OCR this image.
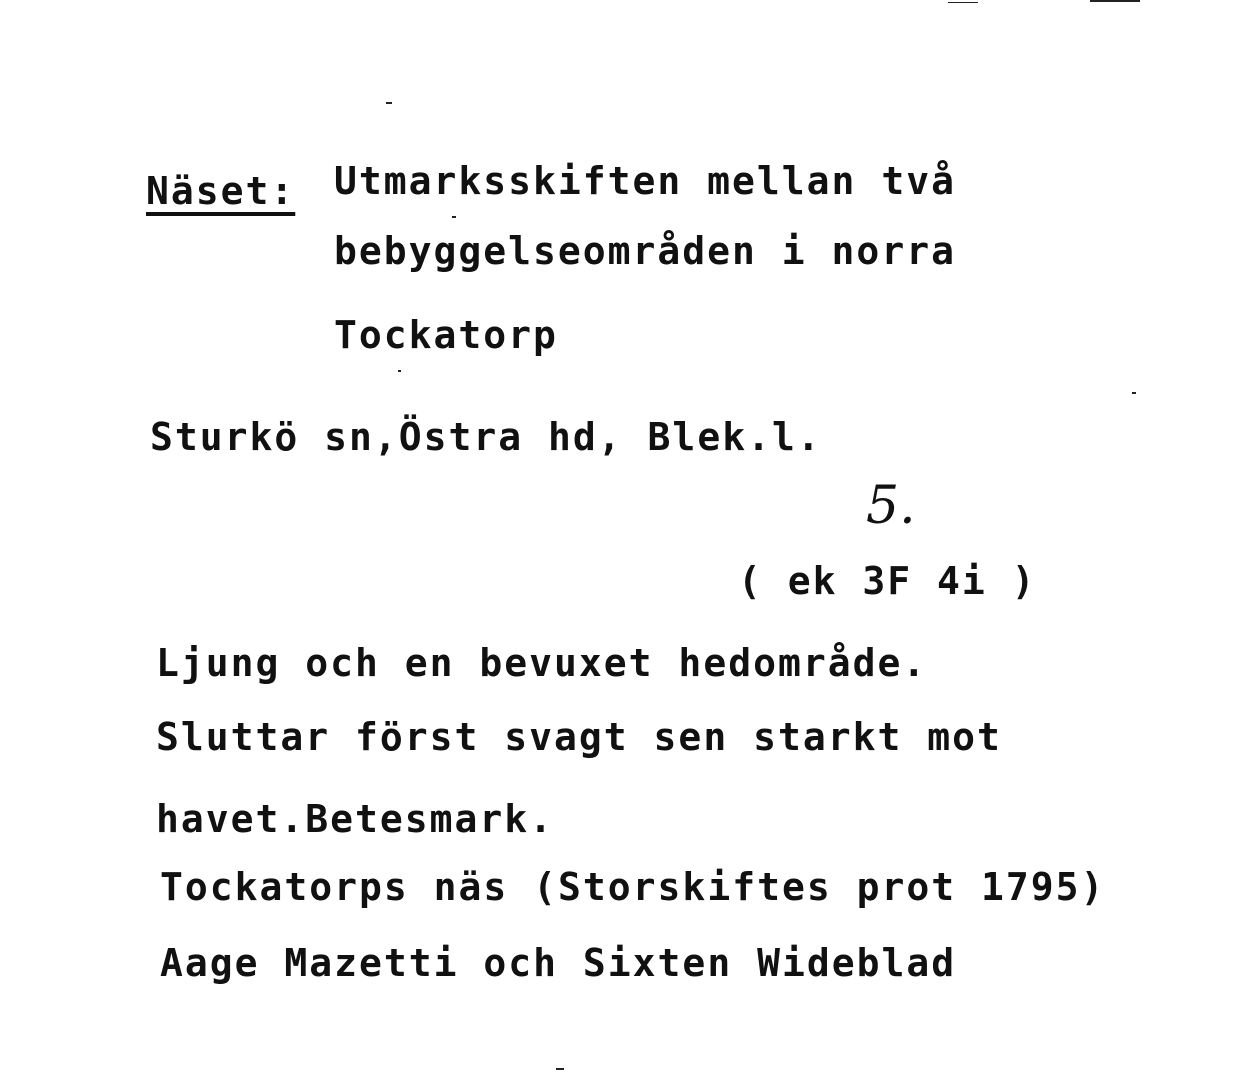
Näset: Utmarksskiften mellan två
bebyggelseområden i norra
Tockatorp
Sturkö sn,Östra hd, Blek.l.
5.
( ek 3F 4i )
Ljung och en bevuxet hedområde.
Sluttar först svagt sen starkt mot
havet.Betesmark.
Tockatorps näs (Storskiftes prot 1795)
Aage Mazetti och Sixten Wideblad
